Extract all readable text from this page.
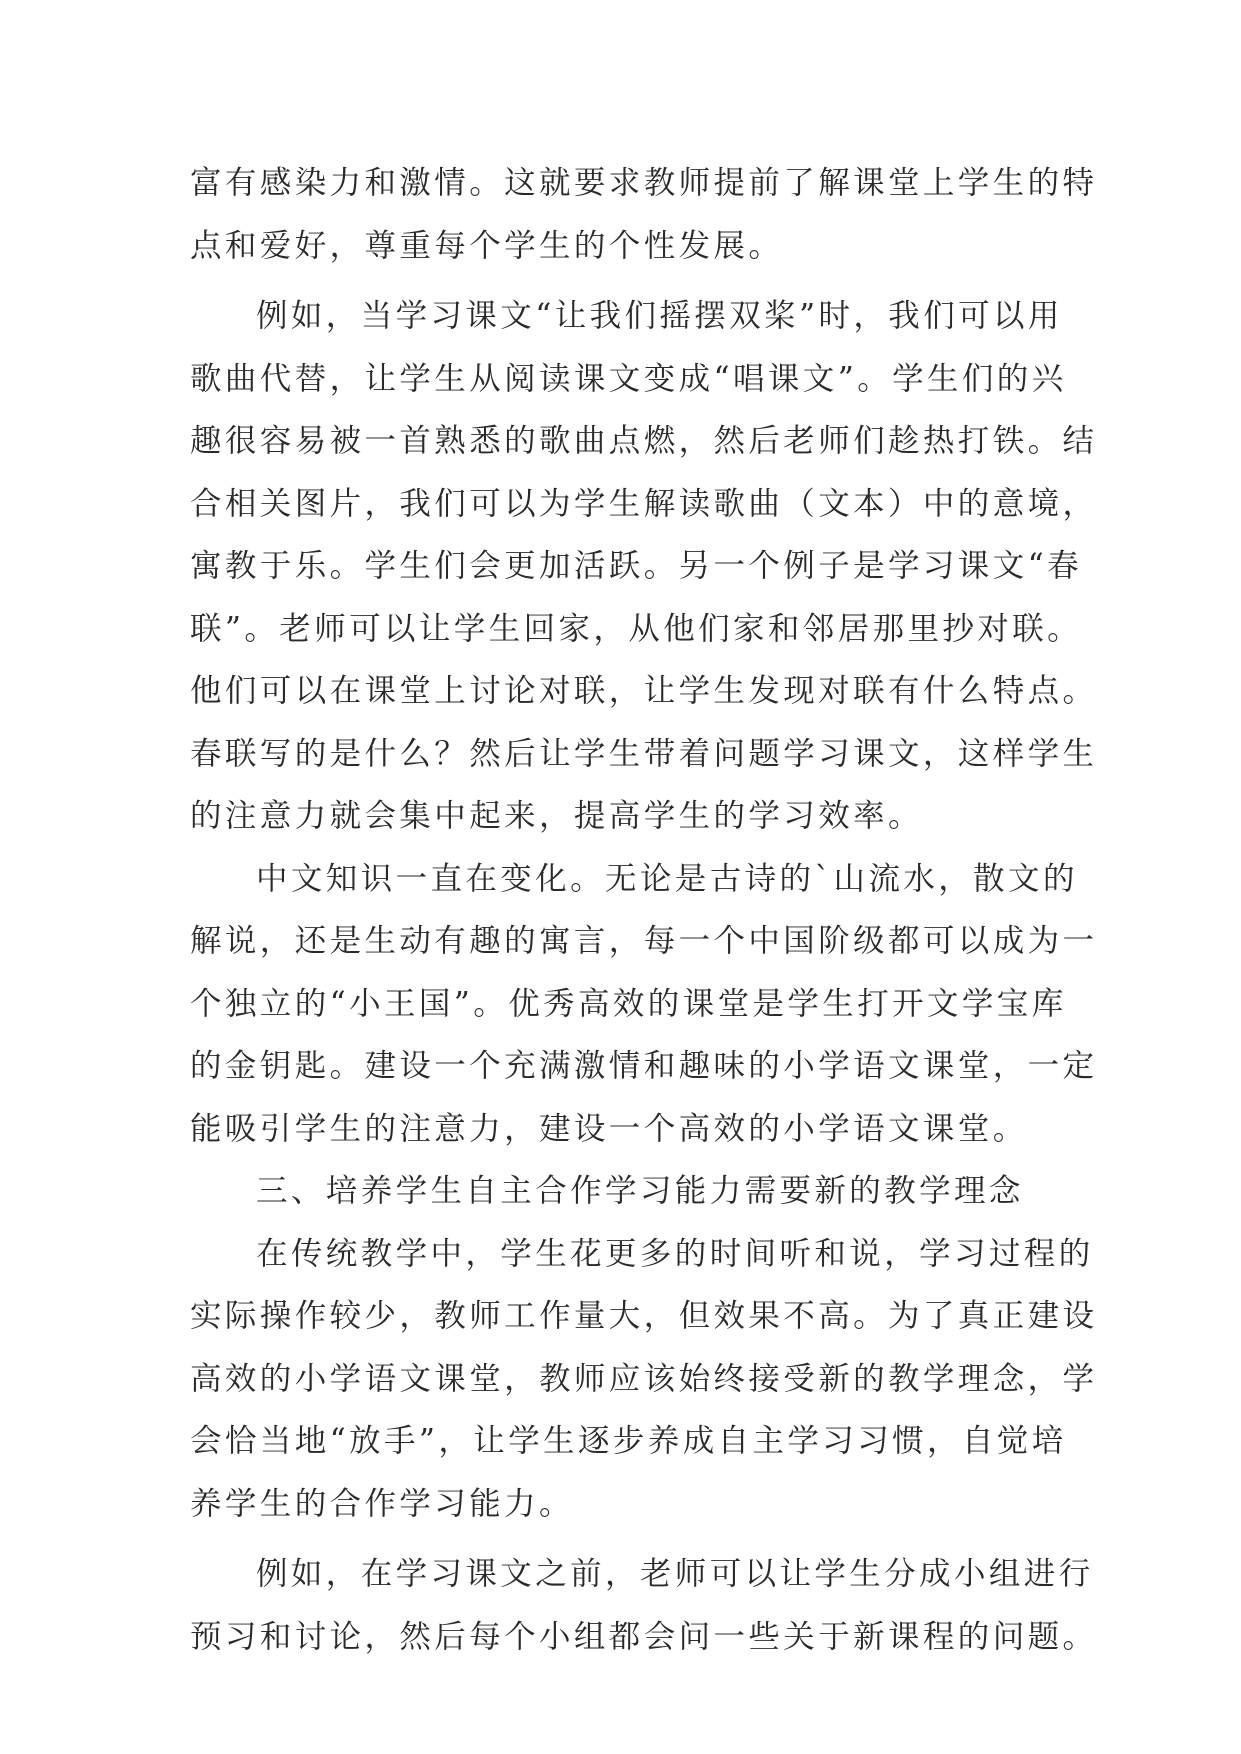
富有感染力和激情。这就要求教师提前了解课堂上学生的特
点和爱好，尊重每个学生的个性发展。
例如，当学习课文“让我们摇摆双桨”时，我们可以用
歌曲代替，让学生从阅读课文变成“唱课文”。学生们的兴
趣很容易被一首熟悉的歌曲点燃，然后老师们趁热打铁。结
合相关图片，我们可以为学生解读歌曲（文本）中的意境，
寓教于乐。学生们会更加活跃。另一个例子是学习课文“春
联”。老师可以让学生回家，从他们家和邻居那里抄对联。
他们可以在课堂上讨论对联，让学生发现对联有什么特点。
春联写的是什么？然后让学生带着问题学习课文，这样学生
的注意力就会集中起来，提高学生的学习效率。
中文知识一直在变化。无论是古诗的`山流水，散文的
解说，还是生动有趣的寓言，每一个中国阶级都可以成为一
个独立的“小王国”。优秀高效的课堂是学生打开文学宝库
的金钥匙。建设一个充满激情和趣味的小学语文课堂，一定
能吸引学生的注意力，建设一个高效的小学语文课堂。
三、培养学生自主合作学习能力需要新的教学理念
在传统教学中，学生花更多的时间听和说，学习过程的
实际操作较少，教师工作量大，但效果不高。为了真正建设
高效的小学语文课堂，教师应该始终接受新的教学理念，学
会恰当地“放手”，让学生逐步养成自主学习习惯，自觉培
养学生的合作学习能力。
例如，在学习课文之前，老师可以让学生分成小组进行
预习和讨论，然后每个小组都会问一些关于新课程的问题。
